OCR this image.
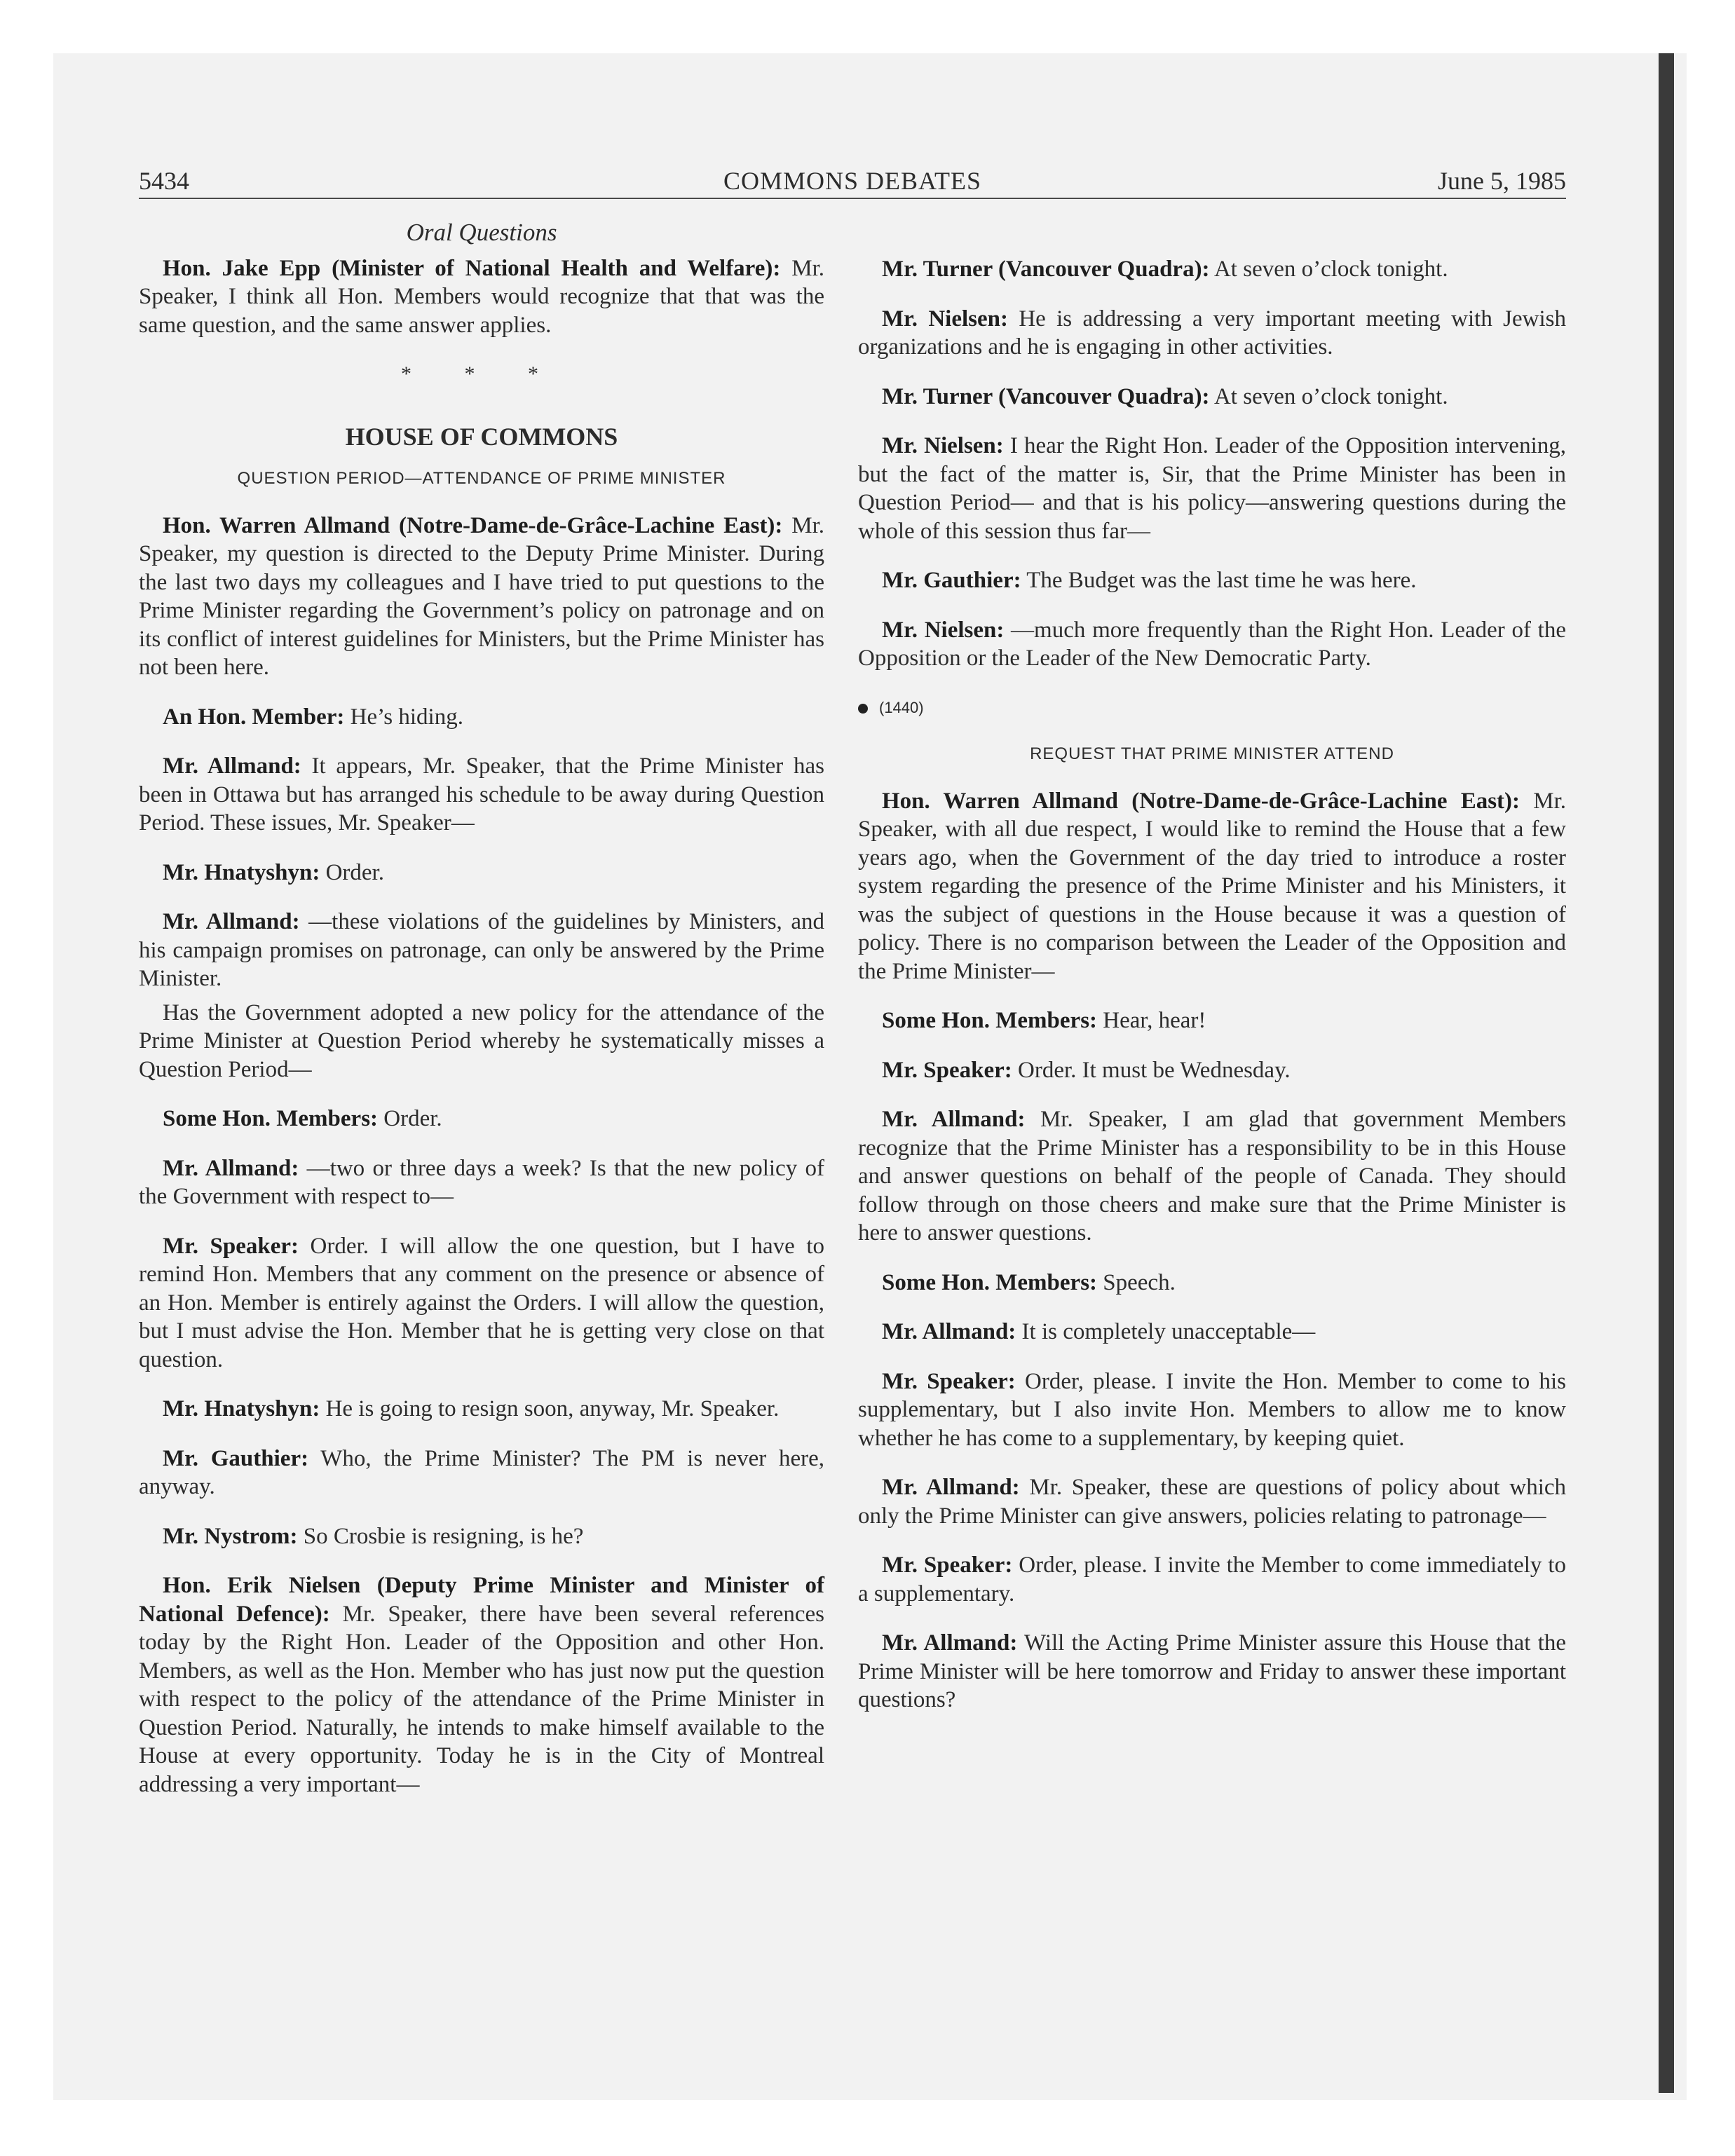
5434	COMMONS DEBATES	June 5, 1985
Oral Questions

Hon. Jake Epp (Minister of National Health and Welfare): Mr. Speaker, I think all Hon. Members would recognize that that was the same question, and the same answer applies.

* * *
HOUSE OF COMMONS
QUESTION PERIOD—ATTENDANCE OF PRIME MINISTER

Hon. Warren Allmand (Notre-Dame-de-Grâce-Lachine East): Mr. Speaker, my question is directed to the Deputy Prime Minister. During the last two days my colleagues and I have tried to put questions to the Prime Minister regarding the Government’s policy on patronage and on its conflict of interest guidelines for Ministers, but the Prime Minister has not been here.

An Hon. Member: He’s hiding.

Mr. Allmand: It appears, Mr. Speaker, that the Prime Minister has been in Ottawa but has arranged his schedule to be away during Question Period. These issues, Mr. Speaker—

Mr. Hnatyshyn: Order.

Mr. Allmand: —these violations of the guidelines by Ministers, and his campaign promises on patronage, can only be answered by the Prime Minister.

Has the Government adopted a new policy for the attendance of the Prime Minister at Question Period whereby he systematically misses a Question Period—

Some Hon. Members: Order.

Mr. Allmand: —two or three days a week? Is that the new policy of the Government with respect to—

Mr. Speaker: Order. I will allow the one question, but I have to remind Hon. Members that any comment on the presence or absence of an Hon. Member is entirely against the Orders. I will allow the question, but I must advise the Hon. Member that he is getting very close on that question.

Mr. Hnatyshyn: He is going to resign soon, anyway, Mr. Speaker.

Mr. Gauthier: Who, the Prime Minister? The PM is never here, anyway.

Mr. Nystrom: So Crosbie is resigning, is he?

Hon. Erik Nielsen (Deputy Prime Minister and Minister of National Defence): Mr. Speaker, there have been several references today by the Right Hon. Leader of the Opposition and other Hon. Members, as well as the Hon. Member who has just now put the question with respect to the policy of the attendance of the Prime Minister in Question Period. Naturally, he intends to make himself available to the House at every opportunity. Today he is in the City of Montreal addressing a very important—

Mr. Turner (Vancouver Quadra): At seven o’clock tonight.

Mr. Nielsen: He is addressing a very important meeting with Jewish organizations and he is engaging in other activities.

Mr. Turner (Vancouver Quadra): At seven o’clock tonight.

Mr. Nielsen: I hear the Right Hon. Leader of the Opposition intervening, but the fact of the matter is, Sir, that the Prime Minister has been in Question Period— and that is his policy—answering questions during the whole of this session thus far—

Mr. Gauthier: The Budget was the last time he was here.

Mr. Nielsen: —much more frequently than the Right Hon. Leader of the Opposition or the Leader of the New Democratic Party.

(1440)
REQUEST THAT PRIME MINISTER ATTEND

Hon. Warren Allmand (Notre-Dame-de-Grâce-Lachine East): Mr. Speaker, with all due respect, I would like to remind the House that a few years ago, when the Government of the day tried to introduce a roster system regarding the presence of the Prime Minister and his Ministers, it was the subject of questions in the House because it was a question of policy. There is no comparison between the Leader of the Opposition and the Prime Minister—

Some Hon. Members: Hear, hear!

Mr. Speaker: Order. It must be Wednesday.

Mr. Allmand: Mr. Speaker, I am glad that government Members recognize that the Prime Minister has a responsibility to be in this House and answer questions on behalf of the people of Canada. They should follow through on those cheers and make sure that the Prime Minister is here to answer questions.

Some Hon. Members: Speech.

Mr. Allmand: It is completely unacceptable—

Mr. Speaker: Order, please. I invite the Hon. Member to come to his supplementary, but I also invite Hon. Members to allow me to know whether he has come to a supplementary, by keeping quiet.

Mr. Allmand: Mr. Speaker, these are questions of policy about which only the Prime Minister can give answers, policies relating to patronage—

Mr. Speaker: Order, please. I invite the Member to come immediately to a supplementary.

Mr. Allmand: Will the Acting Prime Minister assure this House that the Prime Minister will be here tomorrow and Friday to answer these important questions?
